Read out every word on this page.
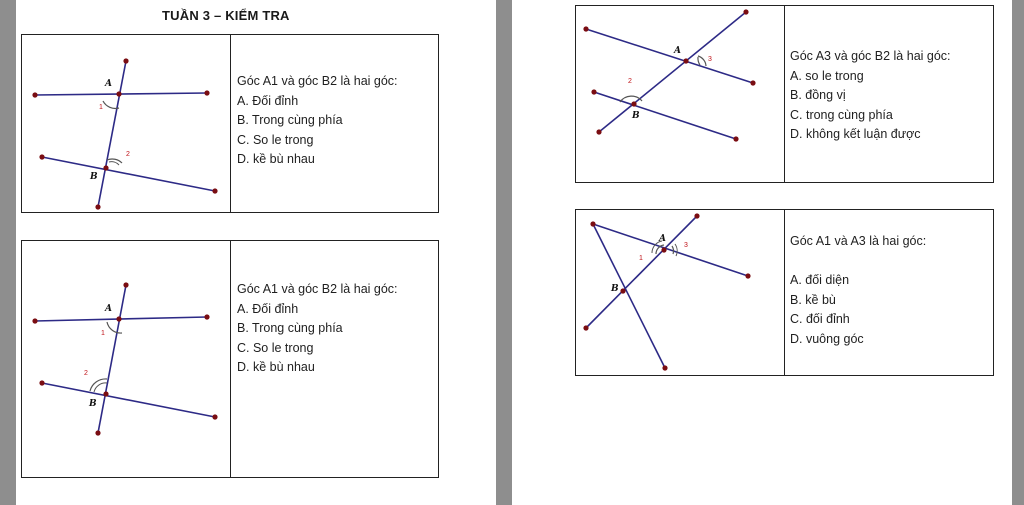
TUẦN 3 – KIỂM TRA
A
B
1
2
Góc A1 và góc B2 là hai góc:
A. Đối đỉnh
B. Trong cùng phía
C. So le trong
D. kề bù nhau
A
B
1
2
Góc A1 và góc B2 là hai góc:
A. Đối đỉnh
B. Trong cùng phía
C. So le trong
D. kề bù nhau
A
B
3
2
Góc A3 và góc B2 là hai góc:
A. so le trong
B. đồng vị
C. trong cùng phía
D. không kết luận được
A
B
1
3	Góc A1 và A3 là hai góc:
A. đối diện
B. kề bù
C. đối đỉnh
D. vuông góc
